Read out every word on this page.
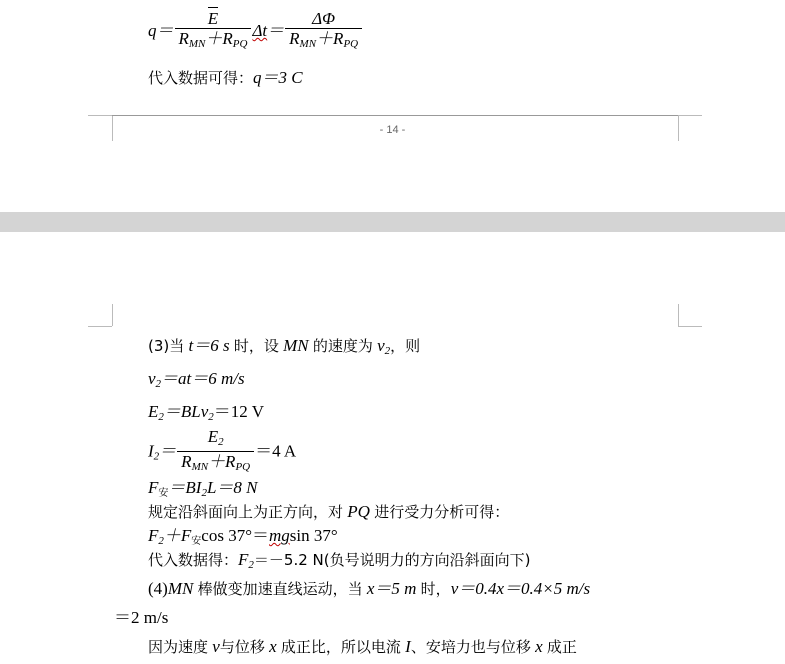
$q= \frac{E}{R_{MN}+R_{PQ}} \Delta t= \frac{\Delta\Phi}{R_{MN}+R_{PQ}}$
代入数据可得：q＝3 C
- 14 -
(3)当 t＝6 s 时，设 MN 的速度为 $v_2$，则
$v_2=at=6$ m/s
$E_2=BLv_2=12$ V
$I_2= \frac{E_2}{R_{MN}+R_{PQ}} =4$ A
$F_安=BI_2L=8$ N
规定沿斜面向上为正方向，对 PQ 进行受力分析可得：
$F_2+F_安\cos$ 37°＝mgsin 37°
代入数据得：$F_2=-5.2$ N(负号说明力的方向沿斜面向下)
(4)MN 棒做变加速直线运动，当 x＝5 m 时，v＝0.4x＝0.4×5 m/s
＝2 m/s
因为速度 v与位移 x 成正比，所以电流 I、安培力也与位移 x 成正
